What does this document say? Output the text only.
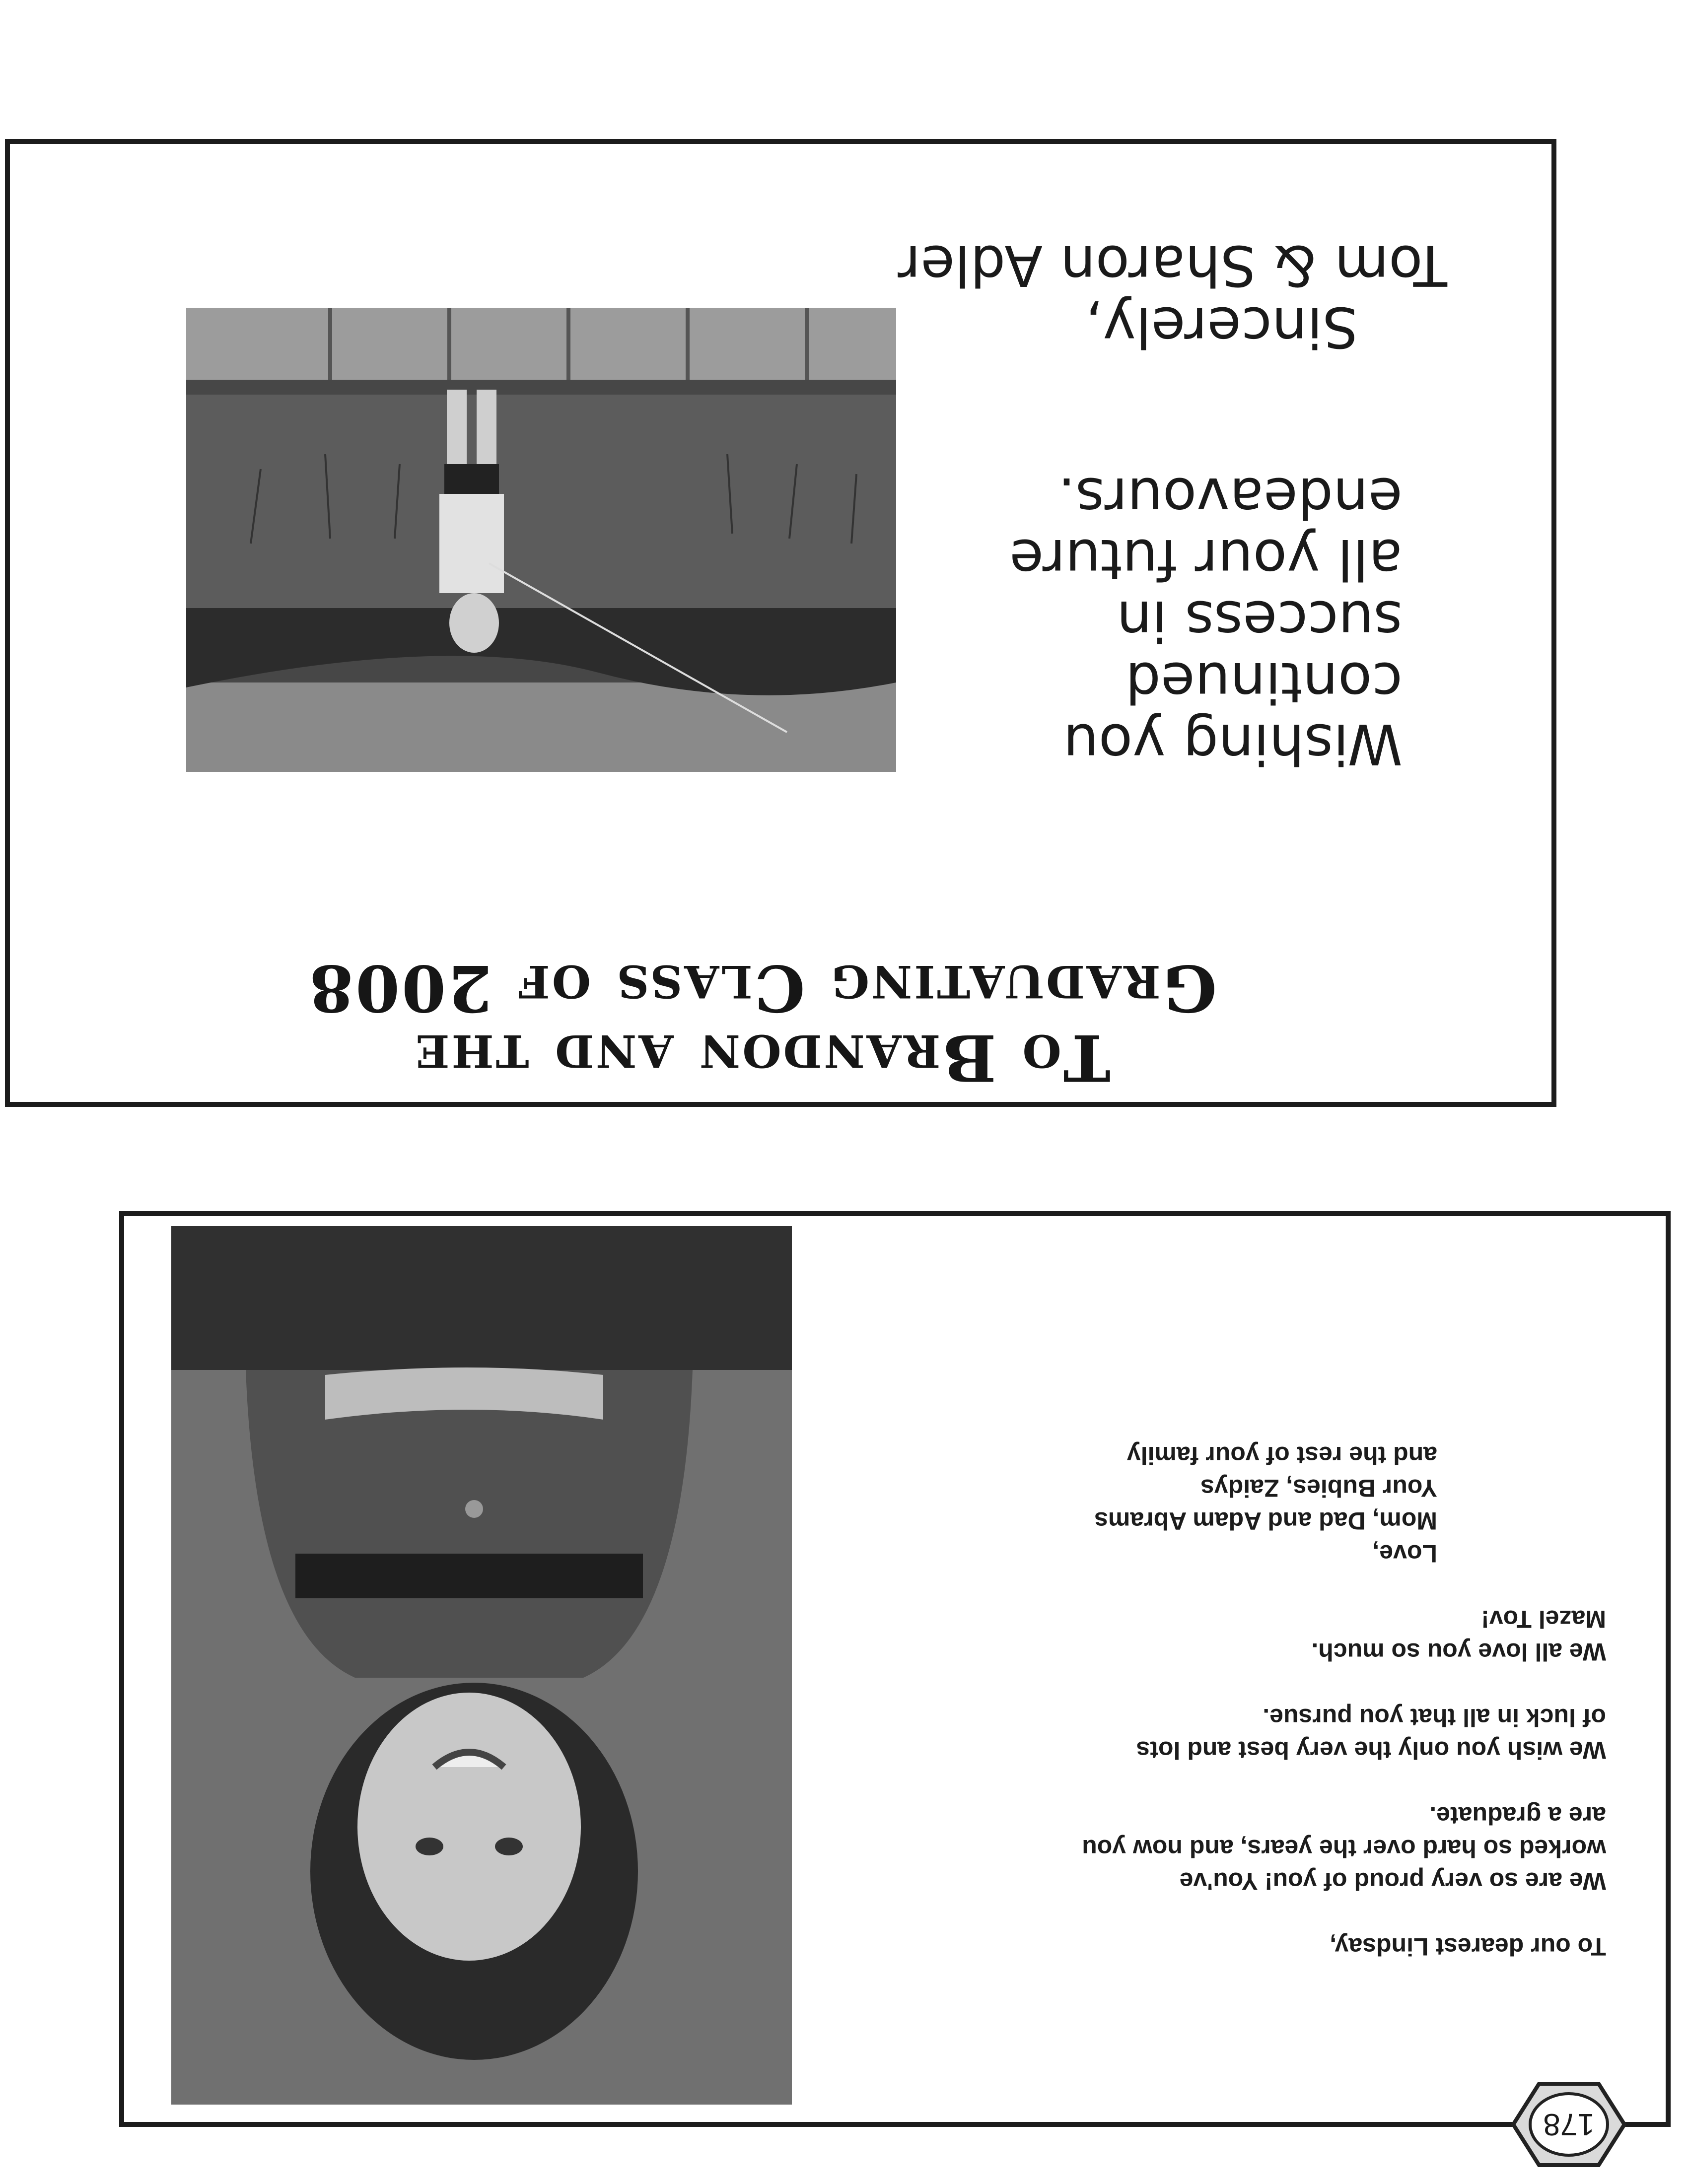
To our dearest Lindsay,

We are so very proud of you! You've
worked so hard over the years, and now you
are a graduate.
We wish you only the very best and lots
of luck in all that you pursue.
We all love you so much.
Mazel Tov!
Love,
Mom, Dad and Adam Abrams
Your Bubies, Zaidys
and the rest of your family
To Brandon and the
Graduating Class of 2008
Wishing you
continued success in
all your future
endeavours.
Sincerely,
Tom & Sharon Adler
178
